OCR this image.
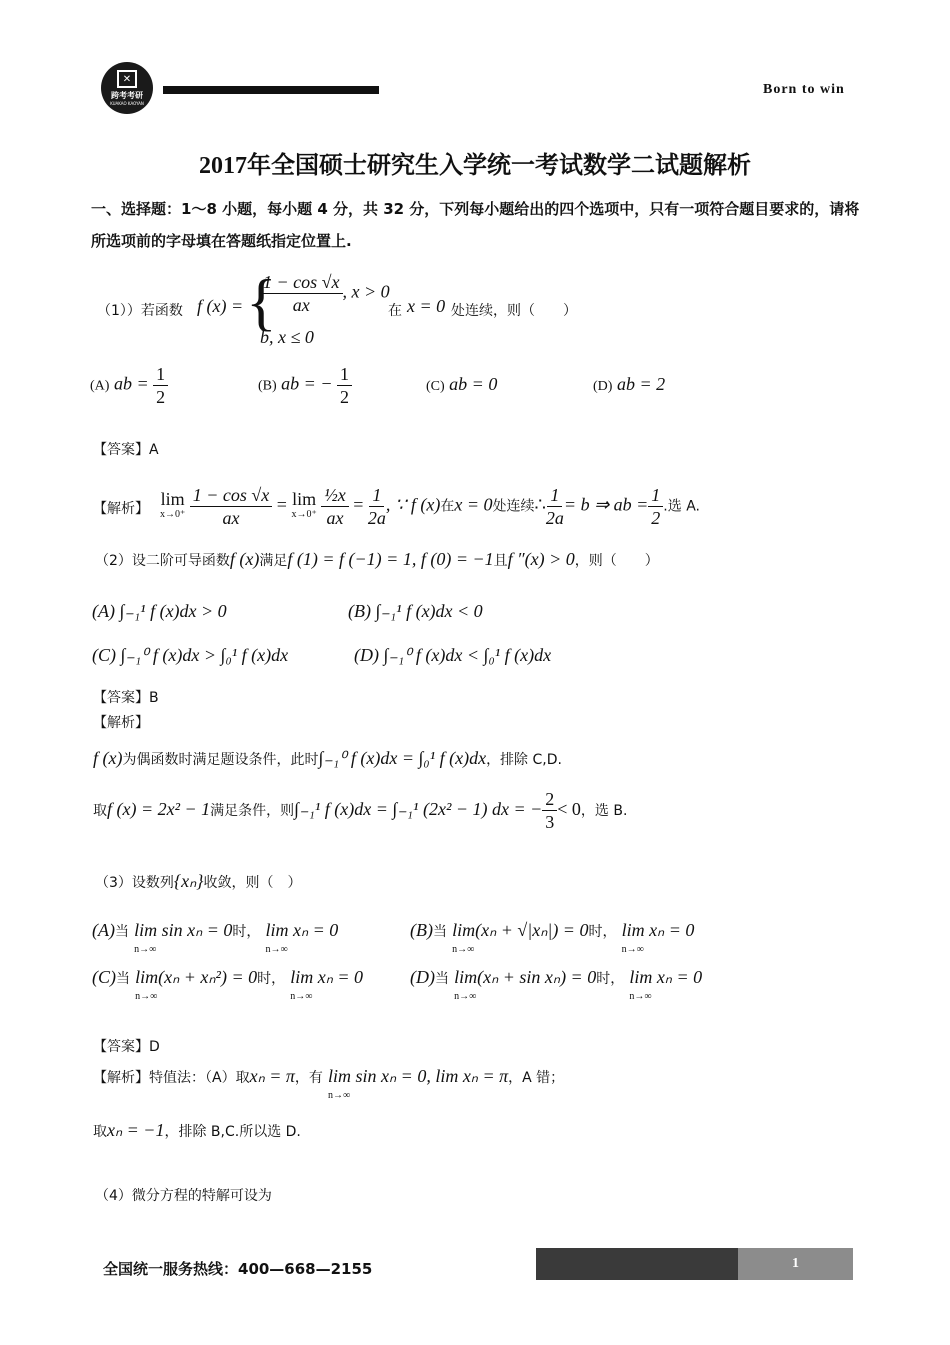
✕
跨考考研
KUAKAO KAOYAN
Born to win
2017年全国硕士研究生入学统一考试数学二试题解析
一、选择题：1～8 小题，每小题 4 分，共 32 分，下列每小题给出的四个选项中，只有一项符合题目要求的，请将所选项前的字母填在答题纸指定位置上.
（1））若函数 f (x) = {
$\frac{1 - \cos √x}{ax}$ , x > 0
b, x ≤ 0
在 x = 0 处连续，则（　　）
(A) ab = $\frac{1}{2}$	(B) ab = − $\frac{1}{2}$	(C) ab = 0	(D) ab = 2
【答案】A
【解析】
lim
x→0⁺
$\frac{1 - \cos √x}{ax} = \lim$
x→0⁺
$\frac{\text{½x}}{ax} = \frac{1}{2a}$ , ∵ f (x)在x = 0处连续∴ $\frac{1}{2a} = b$ ⇒ ab = $\frac{1}{2}$ .选 A.
（2）设二阶可导函数f (x)满足f (1) = f (−1) = 1, f (0) = −1且f ″(x) > 0，则（　　）
(A) ∫₋₁¹ f (x)dx > 0	(B) ∫₋₁¹ f (x)dx < 0
(C) ∫₋₁⁰ f (x)dx > ∫₀¹ f (x)dx	(D) ∫₋₁⁰ f (x)dx < ∫₀¹ f (x)dx
【答案】B
【解析】
f (x)为偶函数时满足题设条件，此时∫₋₁⁰ f (x)dx = ∫₀¹ f (x)dx，排除 C,D.
取f (x) = 2x² − 1满足条件，则∫₋₁¹ f (x)dx = ∫₋₁¹ (2x² − 1) dx = − $\frac{2}{3} < 0$，选 B.
（3）设数列{xₙ}收敛，则（　）
(A)当 lim sin xₙ = 0
n→∞
时， lim xₙ = 0
n→∞
(B)当 lim(xₙ + √|xₙ|) = 0
n→∞
时， lim xₙ = 0
n→∞
(C)当 lim(xₙ + xₙ²) = 0
n→∞
时， lim xₙ = 0
n→∞
(D)当 lim(xₙ + sin xₙ) = 0
n→∞
时， lim xₙ = 0
n→∞
【答案】D
【解析】特值法：（A）取xₙ = π，有 lim sin xₙ = 0, lim xₙ = π
n→∞
，A 错；
取xₙ = −1，排除 B,C.所以选 D.
（4）微分方程的特解可设为
全国统一服务热线：400—668—2155	1
